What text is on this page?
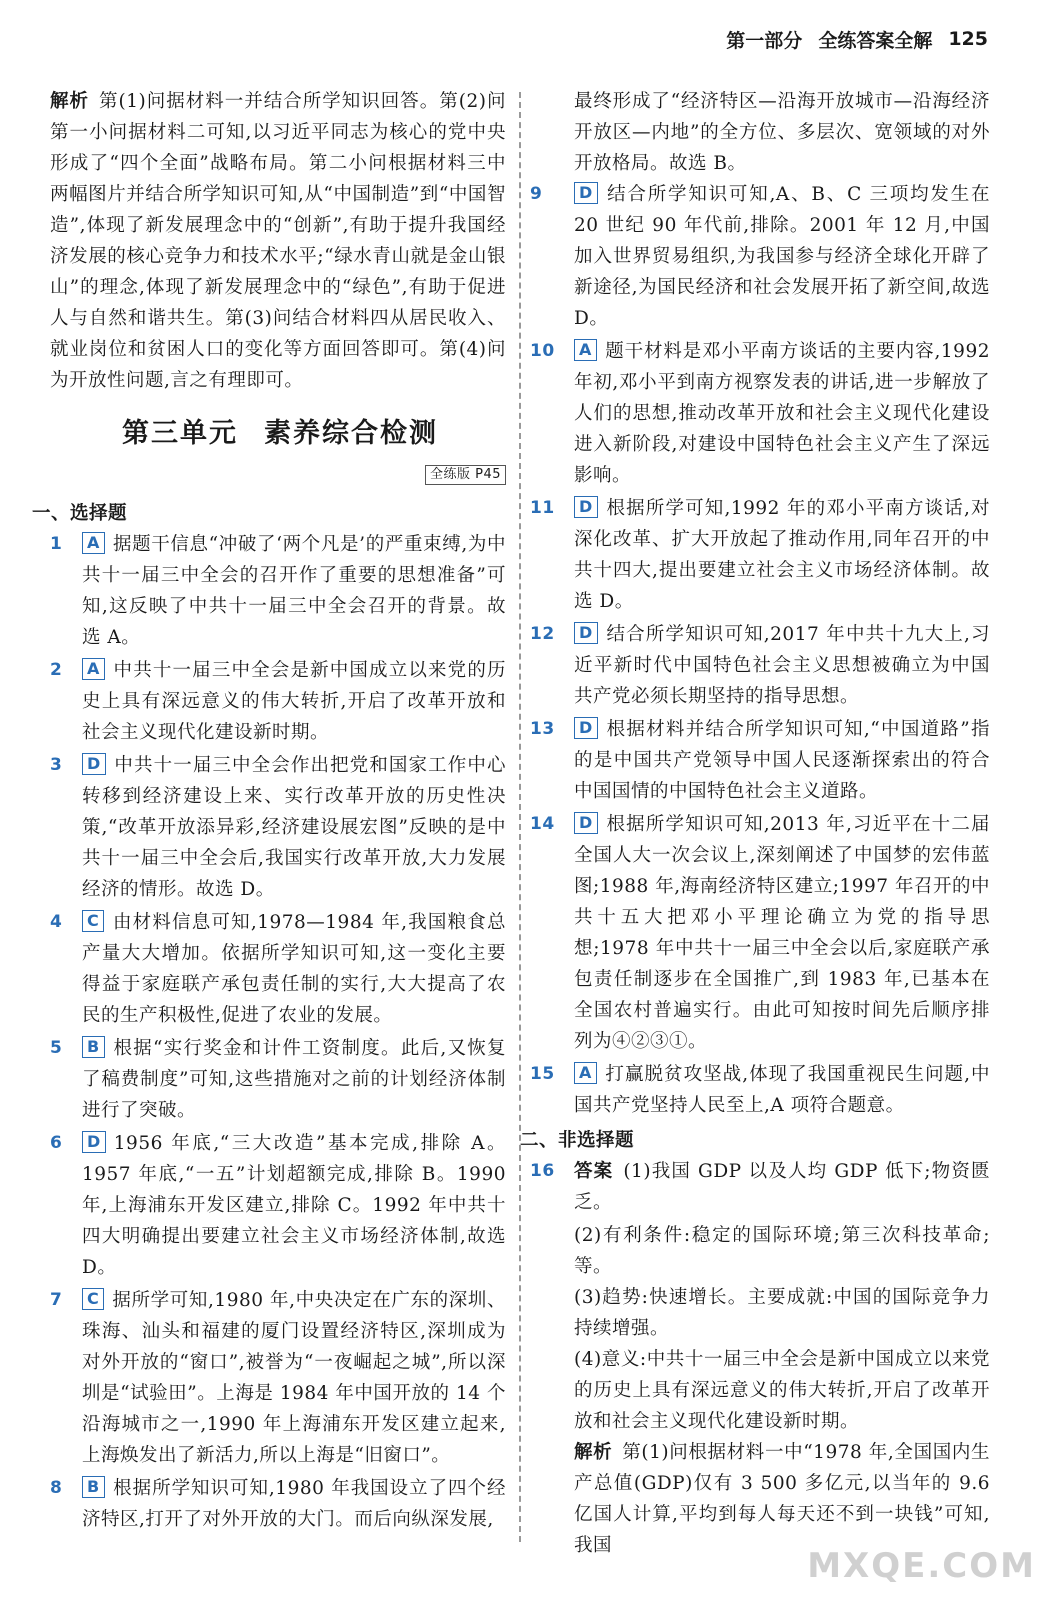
第一部分 全练答案全解 125

解析 第(1)问据材料一并结合所学知识回答。第(2)问第一小问据材料二可知,以习近平同志为核心的党中央形成了“四个全面”战略布局。第二小问根据材料三中两幅图片并结合所学知识可知,从“中国制造”到“中国智造”,体现了新发展理念中的“创新”,有助于提升我国经济发展的核心竞争力和技术水平;“绿水青山就是金山银山”的理念,体现了新发展理念中的“绿色”,有助于促进人与自然和谐共生。第(3)问结合材料四从居民收入、就业岗位和贫困人口的变化等方面回答即可。第(4)问为开放性问题,言之有理即可。

第三单元 素养综合检测
全练版 P45
一、选择题
1 A 据题干信息“冲破了‘两个凡是’的严重束缚,为中共十一届三中全会的召开作了重要的思想准备”可知,这反映了中共十一届三中全会召开的背景。故选 A。
2 A 中共十一届三中全会是新中国成立以来党的历史上具有深远意义的伟大转折,开启了改革开放和社会主义现代化建设新时期。
3 D 中共十一届三中全会作出把党和国家工作中心转移到经济建设上来、实行改革开放的历史性决策,“改革开放添异彩,经济建设展宏图”反映的是中共十一届三中全会后,我国实行改革开放,大力发展经济的情形。故选 D。
4 C 由材料信息可知,1978—1984 年,我国粮食总产量大大增加。依据所学知识可知,这一变化主要得益于家庭联产承包责任制的实行,大大提高了农民的生产积极性,促进了农业的发展。
5 B 根据“实行奖金和计件工资制度。此后,又恢复了稿费制度”可知,这些措施对之前的计划经济体制进行了突破。
6 D 1956 年底,“三大改造”基本完成,排除 A。1957 年底,“一五”计划超额完成,排除 B。1990 年,上海浦东开发区建立,排除 C。1992 年中共十四大明确提出要建立社会主义市场经济体制,故选 D。
7 C 据所学可知,1980 年,中央决定在广东的深圳、珠海、汕头和福建的厦门设置经济特区,深圳成为对外开放的“窗口”,被誉为“一夜崛起之城”,所以深圳是“试验田”。上海是 1984 年中国开放的 14 个沿海城市之一,1990 年上海浦东开发区建立起来,上海焕发出了新活力,所以上海是“旧窗口”。
8 B 根据所学知识可知,1980 年我国设立了四个经济特区,打开了对外开放的大门。而后向纵深发展,

最终形成了“经济特区—沿海开放城市—沿海经济开放区—内地”的全方位、多层次、宽领域的对外开放格局。故选 B。

9 D 结合所学知识可知,A、B、C 三项均发生在 20 世纪 90 年代前,排除。2001 年 12 月,中国加入世界贸易组织,为我国参与经济全球化开辟了新途径,为国民经济和社会发展开拓了新空间,故选 D。
10 A 题干材料是邓小平南方谈话的主要内容,1992 年初,邓小平到南方视察发表的讲话,进一步解放了人们的思想,推动改革开放和社会主义现代化建设进入新阶段,对建设中国特色社会主义产生了深远影响。
11 D 根据所学可知,1992 年的邓小平南方谈话,对深化改革、扩大开放起了推动作用,同年召开的中共十四大,提出要建立社会主义市场经济体制。故选 D。
12 D 结合所学知识可知,2017 年中共十九大上,习近平新时代中国特色社会主义思想被确立为中国共产党必须长期坚持的指导思想。
13 D 根据材料并结合所学知识可知,“中国道路”指的是中国共产党领导中国人民逐渐探索出的符合中国国情的中国特色社会主义道路。
14 D 根据所学知识可知,2013 年,习近平在十二届全国人大一次会议上,深刻阐述了中国梦的宏伟蓝图;1988 年,海南经济特区建立;1997 年召开的中共十五大把邓小平理论确立为党的指导思想;1978 年中共十一届三中全会以后,家庭联产承包责任制逐步在全国推广,到 1983 年,已基本在全国农村普遍实行。由此可知按时间先后顺序排列为④②③①。
15 A 打赢脱贫攻坚战,体现了我国重视民生问题,中国共产党坚持人民至上,A 项符合题意。
二、非选择题
16 答案 (1)我国 GDP 以及人均 GDP 低下;物资匮乏。

(2)有利条件:稳定的国际环境;第三次科技革命;等。

(3)趋势:快速增长。主要成就:中国的国际竞争力持续增强。

(4)意义:中共十一届三中全会是新中国成立以来党的历史上具有深远意义的伟大转折,开启了改革开放和社会主义现代化建设新时期。

解析 第(1)问根据材料一中“1978 年,全国国内生产总值(GDP)仅有 3 500 多亿元,以当年的 9.6 亿国人计算,平均到每人每天还不到一块钱”可知,我国

MXQE.COM
